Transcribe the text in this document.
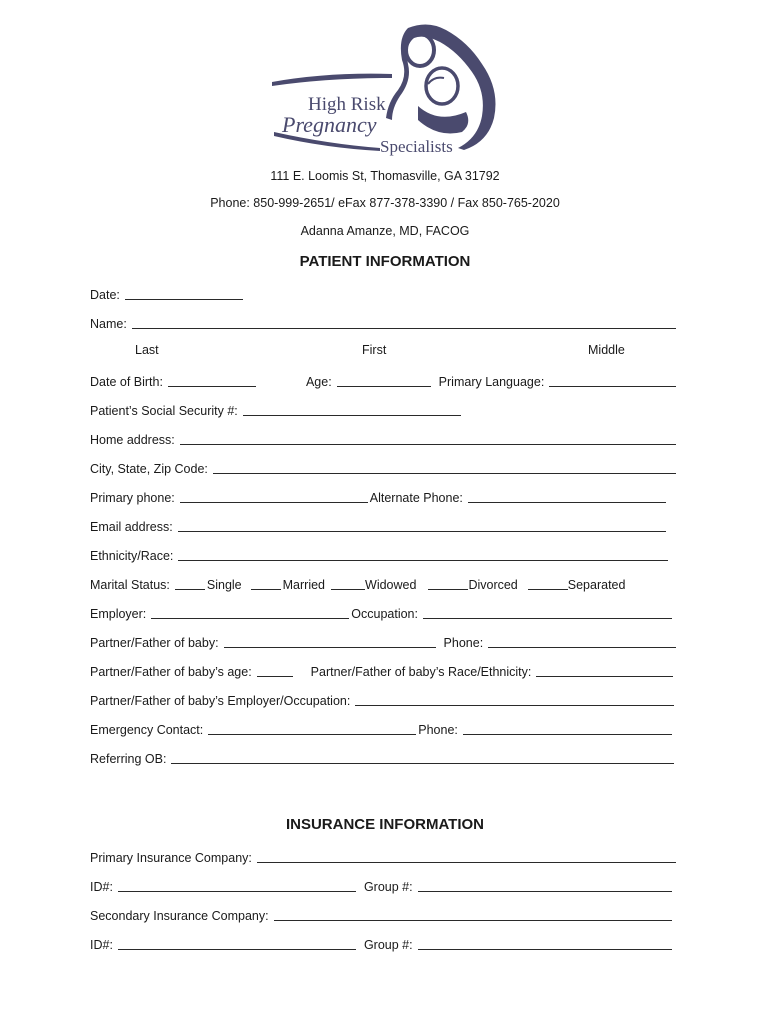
High Risk
Pregnancy
Specialists
111 E. Loomis St, Thomasville, GA 31792
Phone: 850-999-2651/ eFax 877-378-3390 / Fax 850-765-2020
Adanna Amanze, MD, FACOG
PATIENT INFORMATION
Date:
Name:
Last	First	Middle
Date of Birth:	Age:	Primary Language:
Patient’s Social Security #:
Home address:
City, State, Zip Code:
Primary phone:	Alternate Phone:
Email address:
Ethnicity/Race:
Marital Status:	Single	Married	Widowed	Divorced	Separated
Employer:	Occupation:
Partner/Father of baby:	Phone:
Partner/Father of baby’s age:	Partner/Father of baby’s Race/Ethnicity:
Partner/Father of baby’s Employer/Occupation:
Emergency Contact:	Phone:
Referring OB:
INSURANCE INFORMATION
Primary Insurance Company:
ID#:	Group #:
Secondary Insurance Company:
ID#:	Group #:
